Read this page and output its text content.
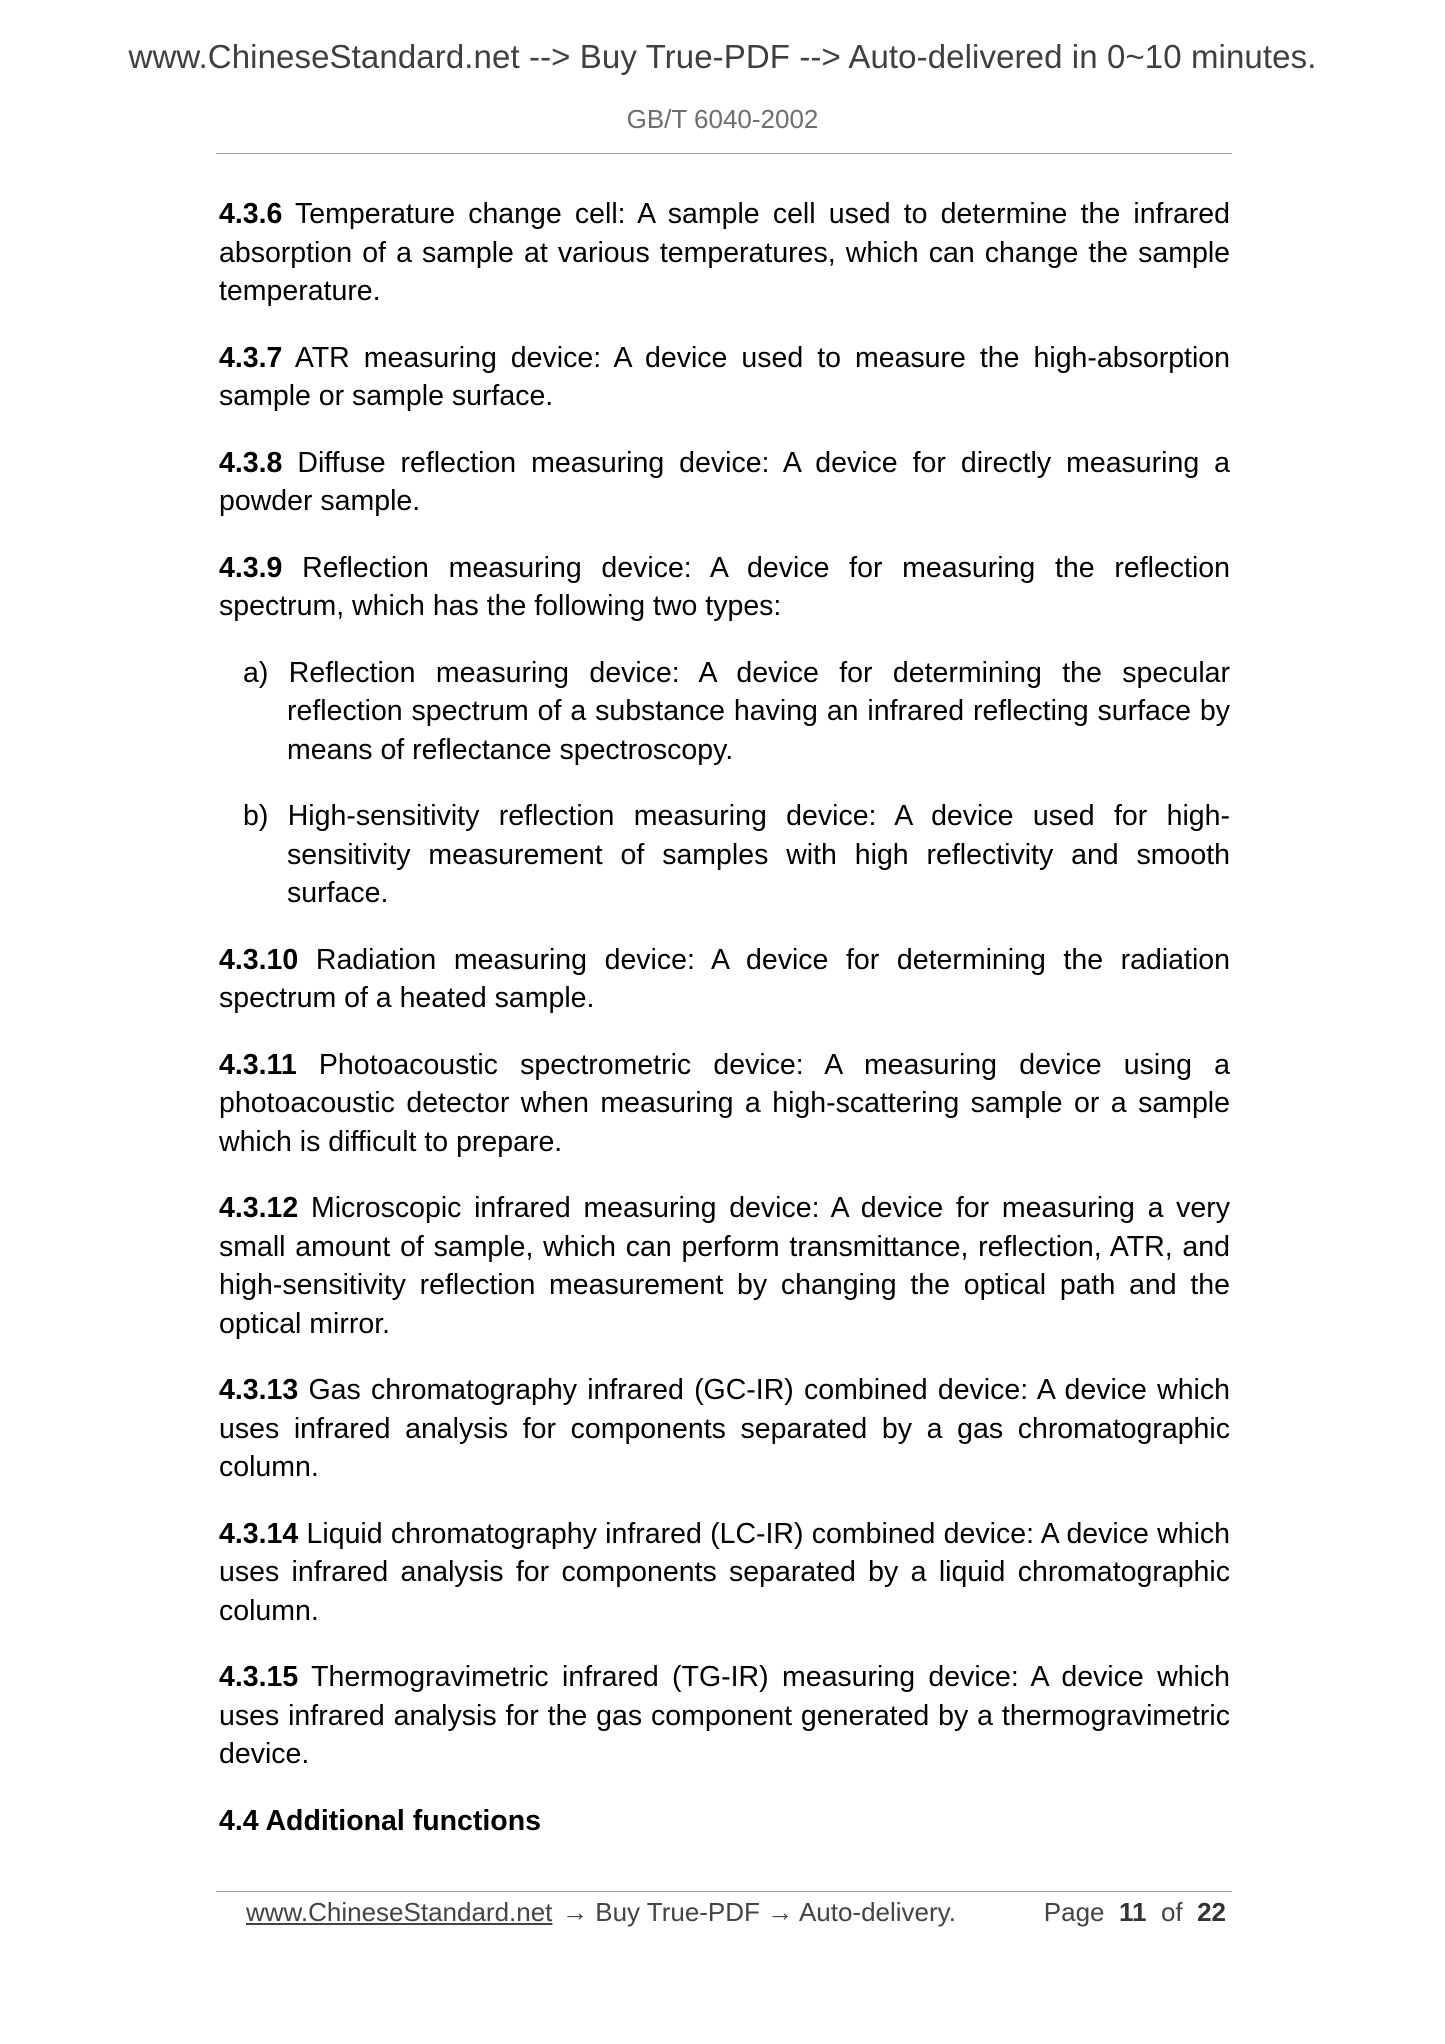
www.ChineseStandard.net --> Buy True-PDF --> Auto-delivered in 0~10 minutes.
GB/T 6040-2002

4.3.6 Temperature change cell: A sample cell used to determine the infrared absorption of a sample at various temperatures, which can change the sample temperature.

4.3.7 ATR measuring device: A device used to measure the high-absorption sample or sample surface.

4.3.8 Diffuse reflection measuring device: A device for directly measuring a powder sample.

4.3.9 Reflection measuring device: A device for measuring the reflection spectrum, which has the following two types:

a) Reflection measuring device: A device for determining the specular reflection spectrum of a substance having an infrared reflecting surface by means of reflectance spectroscopy.

b) High-sensitivity reflection measuring device: A device used for high-sensitivity measurement of samples with high reflectivity and smooth surface.

4.3.10 Radiation measuring device: A device for determining the radiation spectrum of a heated sample.

4.3.11 Photoacoustic spectrometric device: A measuring device using a photoacoustic detector when measuring a high-scattering sample or a sample which is difficult to prepare.

4.3.12 Microscopic infrared measuring device: A device for measuring a very small amount of sample, which can perform transmittance, reflection, ATR, and high-sensitivity reflection measurement by changing the optical path and the optical mirror.

4.3.13 Gas chromatography infrared (GC-IR) combined device: A device which uses infrared analysis for components separated by a gas chromatographic column.

4.3.14 Liquid chromatography infrared (LC-IR) combined device: A device which uses infrared analysis for components separated by a liquid chromatographic column.

4.3.15 Thermogravimetric infrared (TG-IR) measuring device: A device which uses infrared analysis for the gas component generated by a thermogravimetric device.

4.4 Additional functions

www.ChineseStandard.net → Buy True-PDF → Auto-delivery.	Page 11 of 22
